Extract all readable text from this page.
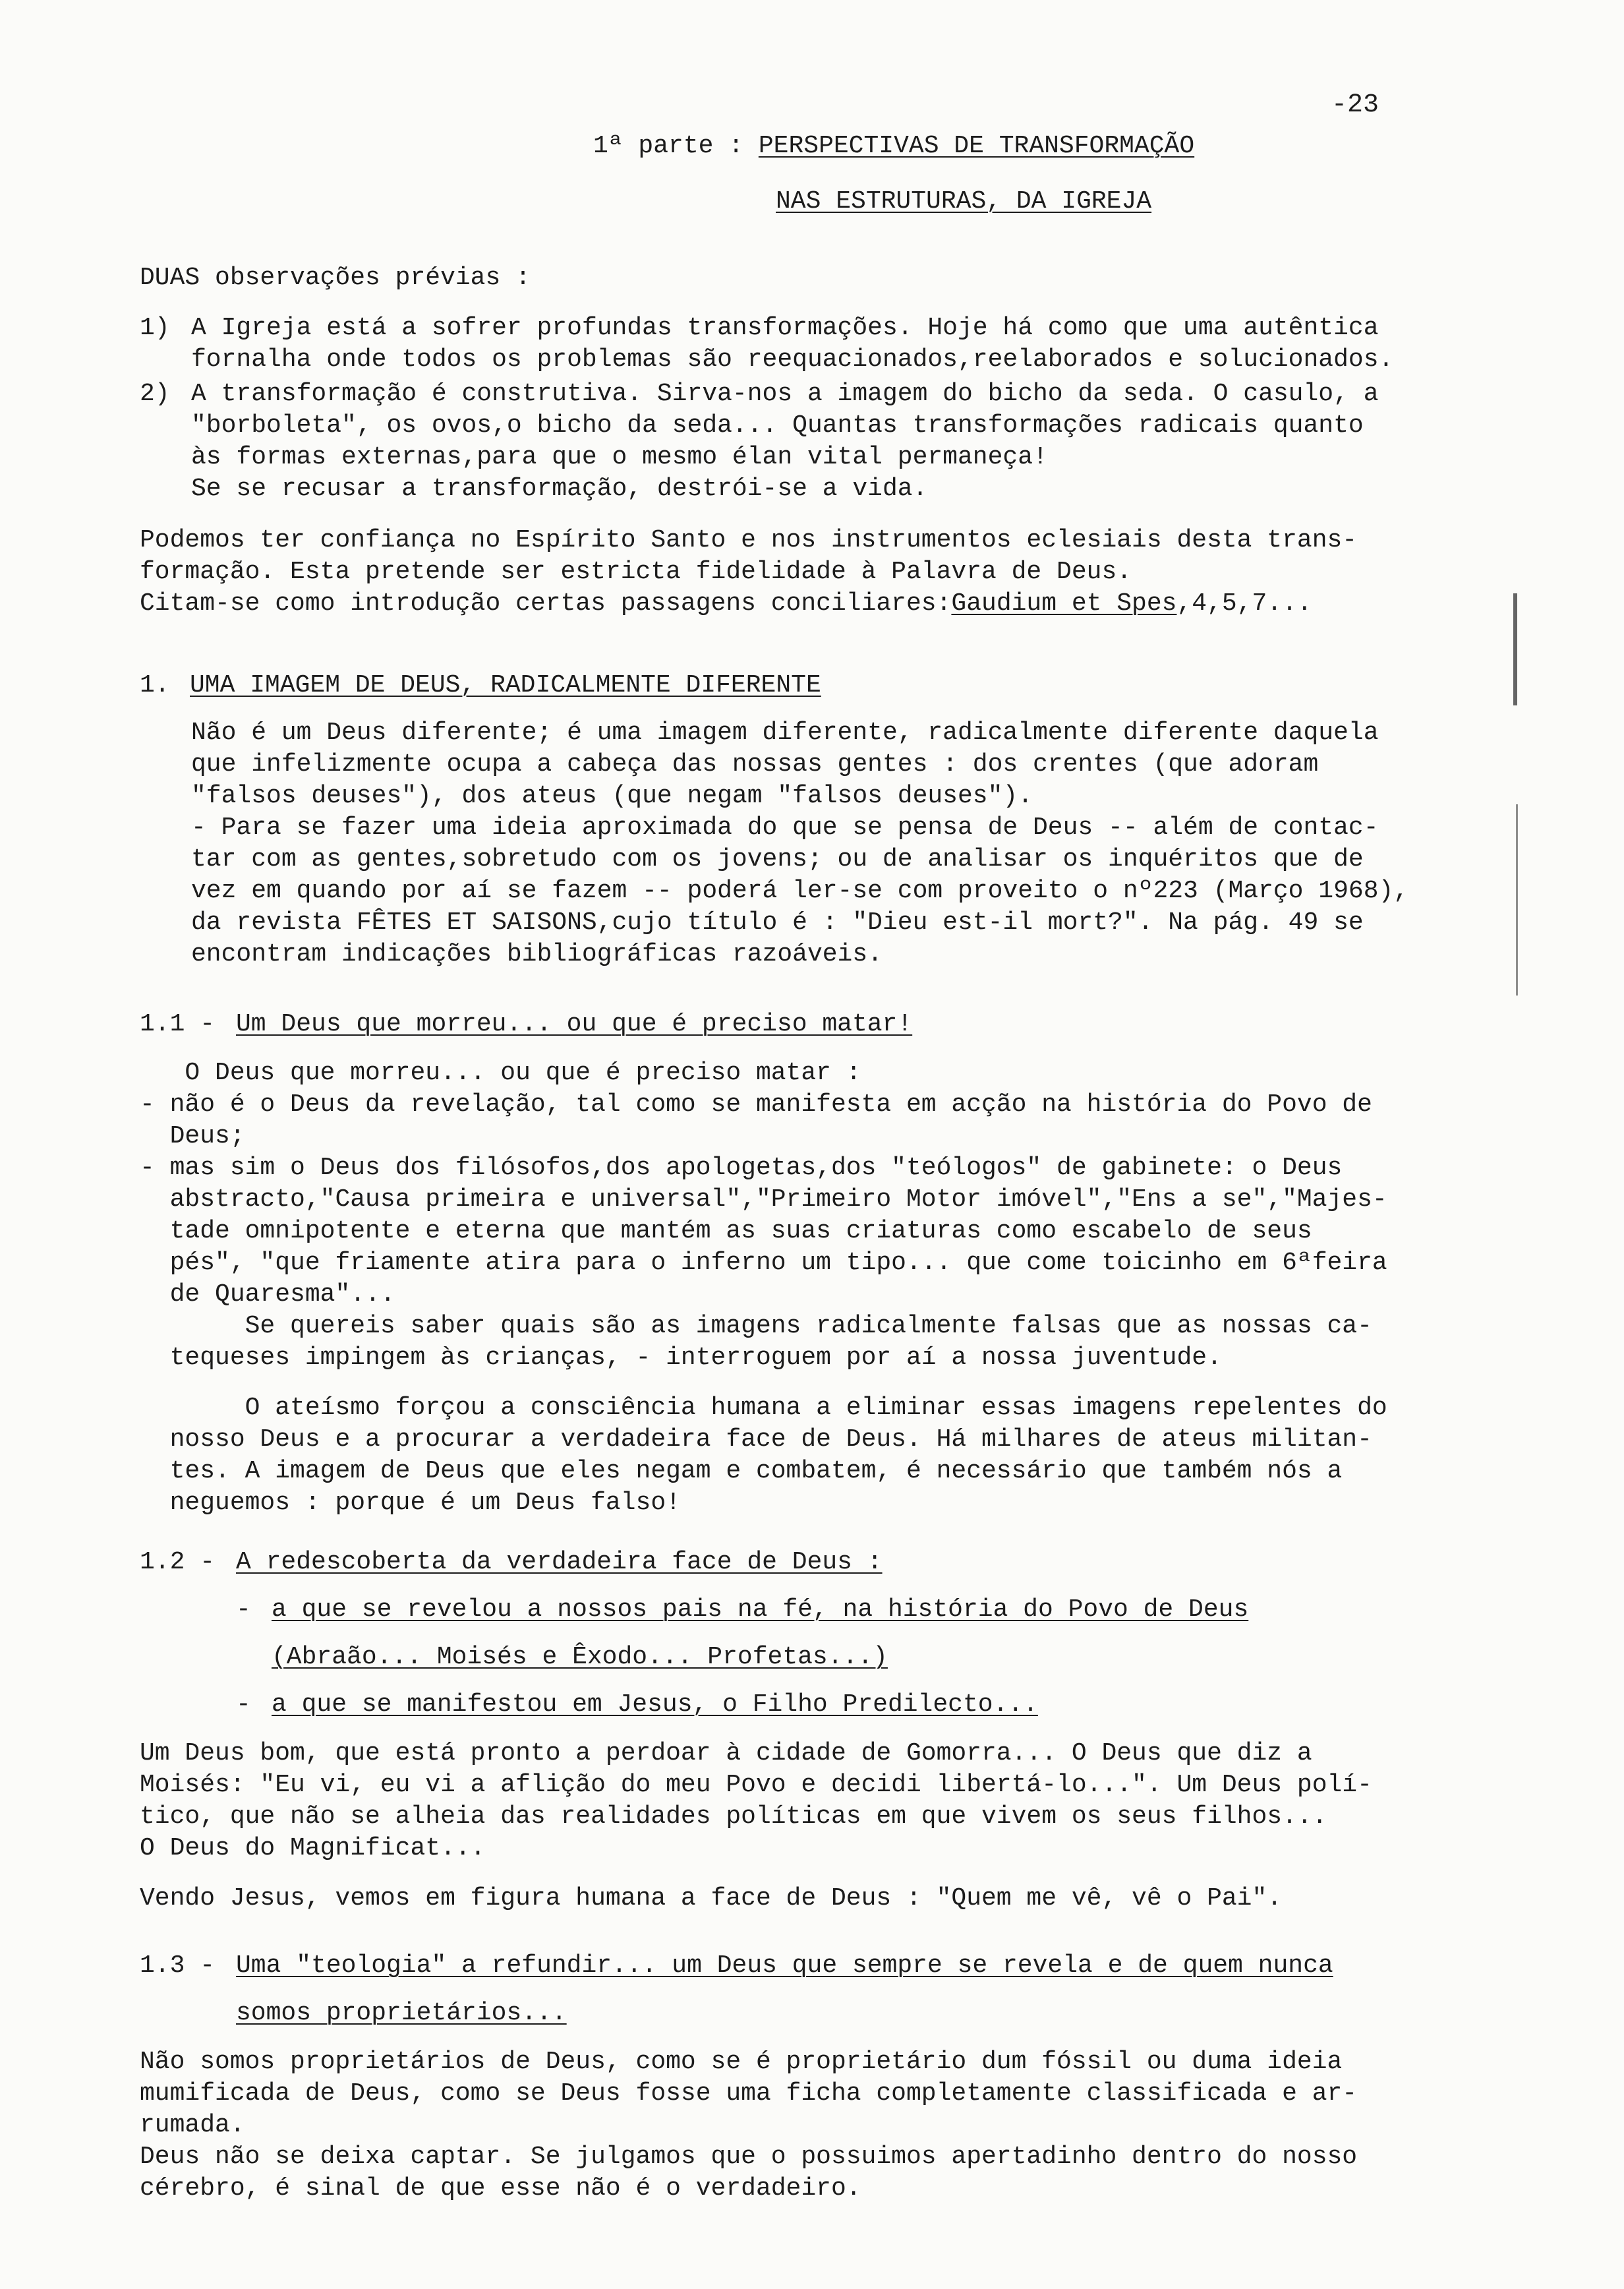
-23
1ª parte : PERSPECTIVAS DE TRANSFORMAÇÃO
NAS ESTRUTURAS, DA IGREJA
DUAS observações prévias :
1) A Igreja está a sofrer profundas transformações. Hoje há como que uma autêntica
fornalha onde todos os problemas são reequacionados,reelaborados e solucionados.
2) A transformação é construtiva. Sirva-nos a imagem do bicho da seda. O casulo, a
"borboleta", os ovos,o bicho da seda... Quantas transformações radicais quanto
às formas externas,para que o mesmo élan vital permaneça!
Se se recusar a transformação, destrói-se a vida.
Podemos ter confiança no Espírito Santo e nos instrumentos eclesiais desta trans-
formação. Esta pretende ser estricta fidelidade à Palavra de Deus.
Citam-se como introdução certas passagens conciliares:Gaudium et Spes,4,5,7...
1. UMA IMAGEM DE DEUS, RADICALMENTE DIFERENTE
Não é um Deus diferente; é uma imagem diferente, radicalmente diferente daquela
que infelizmente ocupa a cabeça das nossas gentes : dos crentes (que adoram
"falsos deuses"), dos ateus (que negam "falsos deuses").
- Para se fazer uma ideia aproximada do que se pensa de Deus -- além de contac-
tar com as gentes,sobretudo com os jovens; ou de analisar os inquéritos que de
vez em quando por aí se fazem -- poderá ler-se com proveito o nº223 (Março 1968),
da revista FÊTES ET SAISONS,cujo título é : "Dieu est-il mort?". Na pág. 49 se
encontram indicações bibliográficas razoáveis.
1.1 - Um Deus que morreu... ou que é preciso matar!
O Deus que morreu... ou que é preciso matar :
- não é o Deus da revelação, tal como se manifesta em acção na história do Povo de
Deus;
- mas sim o Deus dos filósofos,dos apologetas,dos "teólogos" de gabinete: o Deus
abstracto,"Causa primeira e universal","Primeiro Motor imóvel","Ens a se","Majes-
tade omnipotente e eterna que mantém as suas criaturas como escabelo de seus
pés", "que friamente atira para o inferno um tipo... que come toicinho em 6ªfeira
de Quaresma"...
Se quereis saber quais são as imagens radicalmente falsas que as nossas ca-
tequeses impingem às crianças, - interroguem por aí a nossa juventude.
O ateísmo forçou a consciência humana a eliminar essas imagens repelentes do
nosso Deus e a procurar a verdadeira face de Deus. Há milhares de ateus militan-
tes. A imagem de Deus que eles negam e combatem, é necessário que também nós a
neguemos : porque é um Deus falso!
1.2 - A redescoberta da verdadeira face de Deus :
- a que se revelou a nossos pais na fé, na história do Povo de Deus
(Abraão... Moisés e Êxodo... Profetas...)
- a que se manifestou em Jesus, o Filho Predilecto...
Um Deus bom, que está pronto a perdoar à cidade de Gomorra... O Deus que diz a
Moisés: "Eu vi, eu vi a aflição do meu Povo e decidi libertá-lo...". Um Deus polí-
tico, que não se alheia das realidades políticas em que vivem os seus filhos...
O Deus do Magnificat...
Vendo Jesus, vemos em figura humana a face de Deus : "Quem me vê, vê o Pai".
1.3 - Uma "teologia" a refundir... um Deus que sempre se revela e de quem nunca
somos proprietários...
Não somos proprietários de Deus, como se é proprietário dum fóssil ou duma ideia
mumificada de Deus, como se Deus fosse uma ficha completamente classificada e ar-
rumada.
Deus não se deixa captar. Se julgamos que o possuimos apertadinho dentro do nosso
cérebro, é sinal de que esse não é o verdadeiro.
